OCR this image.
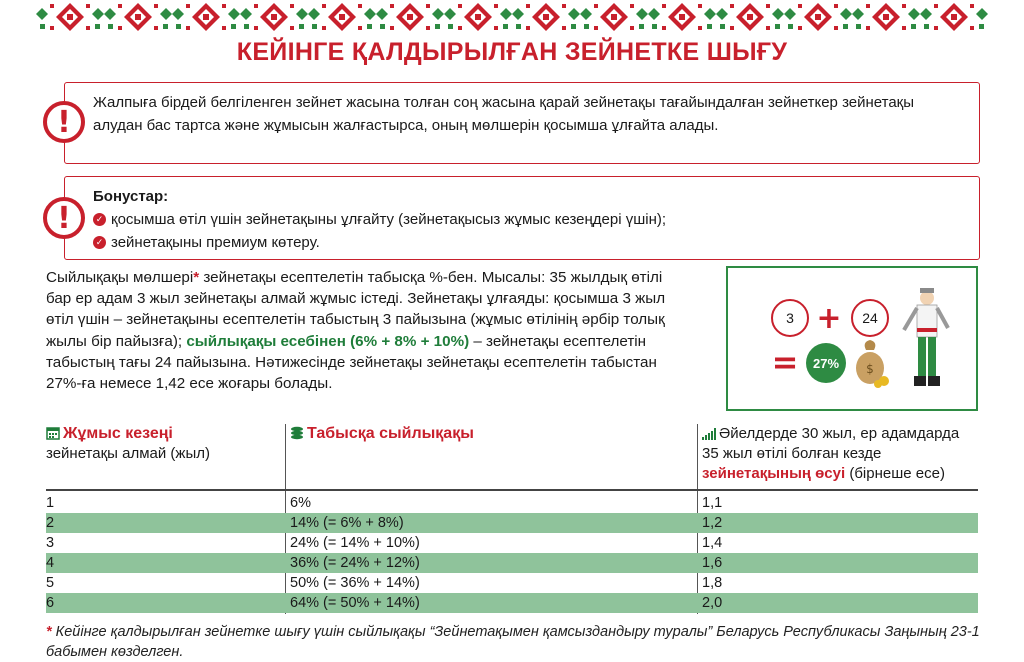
КЕЙІНГЕ ҚАЛДЫРЫЛҒАН ЗЕЙНЕТКЕ ШЫҒУ
!
Жалпыға бірдей белгіленген зейнет жасына толған соң жасына қарай зейнетақы тағайындалған зейнеткер зейнетақы алудан бас тартса және жұмысын жалғастырса, оның мөлшерін қосымша ұлғайта алады.
!
Бонустар:
✓ қосымша өтіл үшін зейнетақыны ұлғайту (зейнетақысыз жұмыс кезеңдері үшін);
✓ зейнетақыны премиум көтеру.
Сыйлықақы мөлшері* зейнетақы есептелетін табысқа %-бен. Мысалы: 35 жылдық өтілі бар ер адам 3 жыл зейнетақы алмай жұмыс істеді. Зейнетақы ұлғаяды: қосымша 3 жыл өтіл үшін – зейнетақыны есептелетін табыстың 3 пайызына (жұмыс өтілінің әрбір толық жылы бір пайызға); сыйлықақы есебінен (6% + 8% + 10%) – зейнетақы есептелетін табыстың тағы 24 пайызына. Нәтижесінде зейнетақы зейнетақы есептелетін табыстан 27%-ға немесе 1,42 есе жоғары болады.
3 + 24
= 27% $
Жұмыс кезеңі
зейнетақы алмай (жыл)
Табысқа сыйлықақы	Әйелдерде 30 жыл, ер адамдарда 35 жыл өтілі болған кезде
зейнетақының өсуі (бірнеше есе)
1	6%	1,1
2	14% (= 6% + 8%)	1,2
3	24% (= 14% + 10%)	1,4
4	36% (= 24% + 12%)	1,6
5	50% (= 36% + 14%)	1,8
6	64% (= 50% + 14%)	2,0
* Кейінге қалдырылған зейнетке шығу үшін сыйлықақы “Зейнетақымен қамсыздандыру туралы” Беларусь Республикасы Заңының 23-1 бабымен көзделген.
